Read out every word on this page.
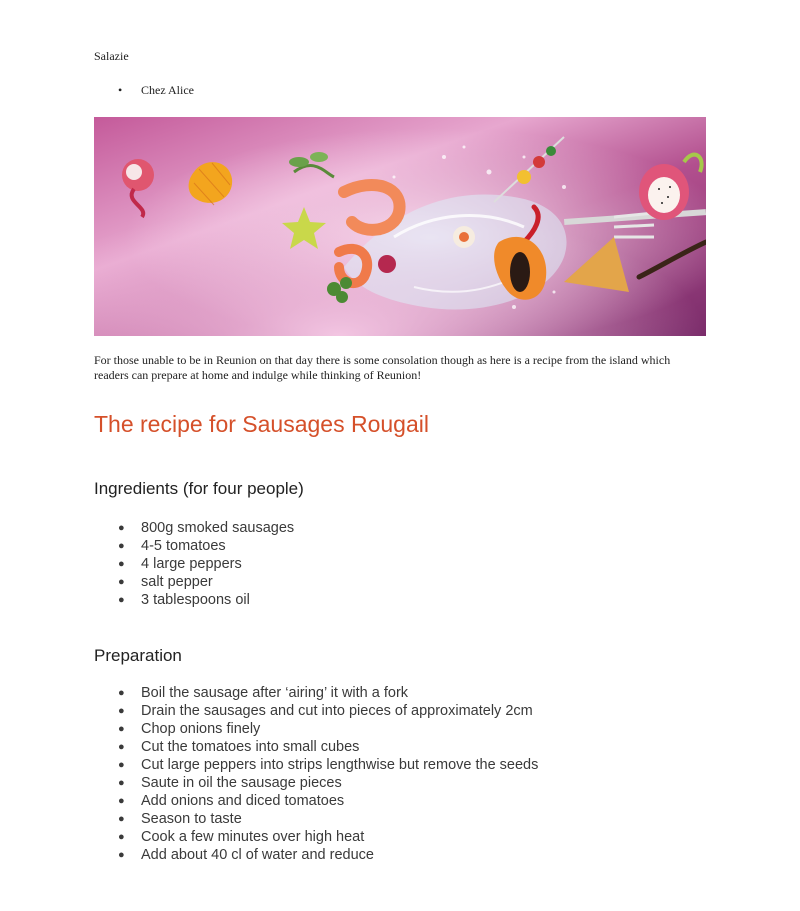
Salazie
• Chez Alice
For those unable to be in Reunion on that day there is some consolation though as here is a recipe from the island which readers can prepare at home and indulge while thinking of Reunion!
The recipe for Sausages Rougail
Ingredients (for four people)
● 800g smoked sausages
● 4-5 tomatoes
● 4 large peppers
● salt pepper
● 3 tablespoons oil
Preparation
● Boil the sausage after ‘airing’ it with a fork
● Drain the sausages and cut into pieces of approximately 2cm
● Chop onions finely
● Cut the tomatoes into small cubes
● Cut large peppers into strips lengthwise but remove the seeds
● Saute in oil the sausage pieces
● Add onions and diced tomatoes
● Season to taste
● Cook a few minutes over high heat
● Add about 40 cl of water and reduce
